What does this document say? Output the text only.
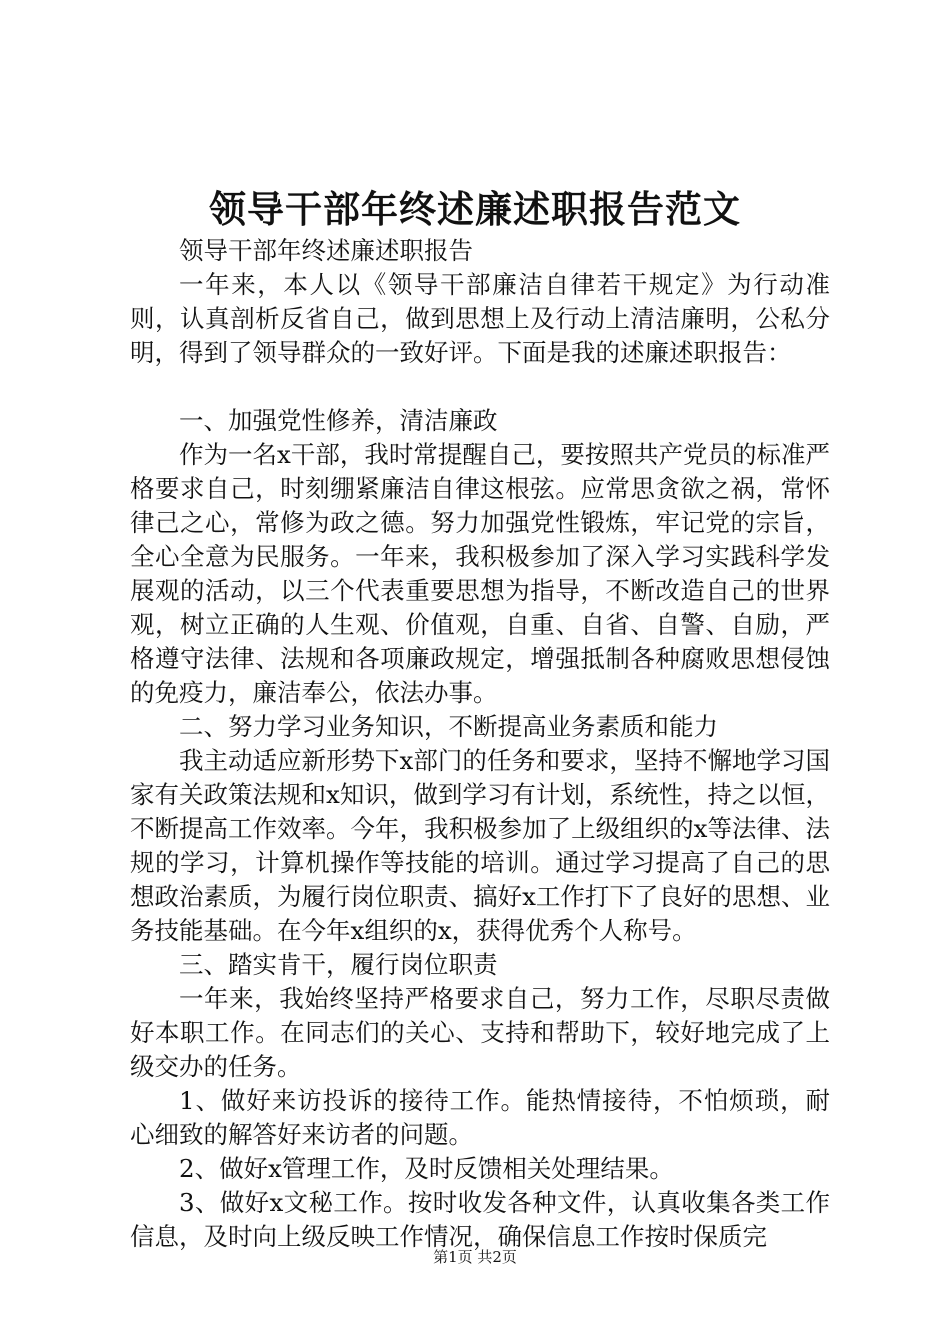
领导干部年终述廉述职报告范文

领导干部年终述廉述职报告

一年来，本人以《领导干部廉洁自律若干规定》为行动准则，认真剖析反省自己，做到思想上及行动上清洁廉明，公私分明，得到了领导群众的一致好评。下面是我的述廉述职报告：

一、加强党性修养，清洁廉政

作为一名x干部，我时常提醒自己，要按照共产党员的标准严格要求自己，时刻绷紧廉洁自律这根弦。应常思贪欲之祸，常怀律己之心，常修为政之德。努力加强党性锻炼，牢记党的宗旨，全心全意为民服务。一年来，我积极参加了深入学习实践科学发展观的活动，以三个代表重要思想为指导，不断改造自己的世界观，树立正确的人生观、价值观，自重、自省、自警、自励，严格遵守法律、法规和各项廉政规定，增强抵制各种腐败思想侵蚀的免疫力，廉洁奉公，依法办事。

二、努力学习业务知识，不断提高业务素质和能力

我主动适应新形势下x部门的任务和要求，坚持不懈地学习国家有关政策法规和x知识，做到学习有计划，系统性，持之以恒，不断提高工作效率。今年，我积极参加了上级组织的x等法律、法规的学习，计算机操作等技能的培训。通过学习提高了自己的思想政治素质，为履行岗位职责、搞好x工作打下了良好的思想、业务技能基础。在今年x组织的x，获得优秀个人称号。

三、踏实肯干，履行岗位职责

一年来，我始终坚持严格要求自己，努力工作，尽职尽责做好本职工作。在同志们的关心、支持和帮助下，较好地完成了上级交办的任务。

1、做好来访投诉的接待工作。能热情接待，不怕烦琐，耐心细致的解答好来访者的问题。

2、做好x管理工作，及时反馈相关处理结果。

3、做好x文秘工作。按时收发各种文件，认真收集各类工作信息，及时向上级反映工作情况，确保信息工作按时保质完

第1页 共2页
